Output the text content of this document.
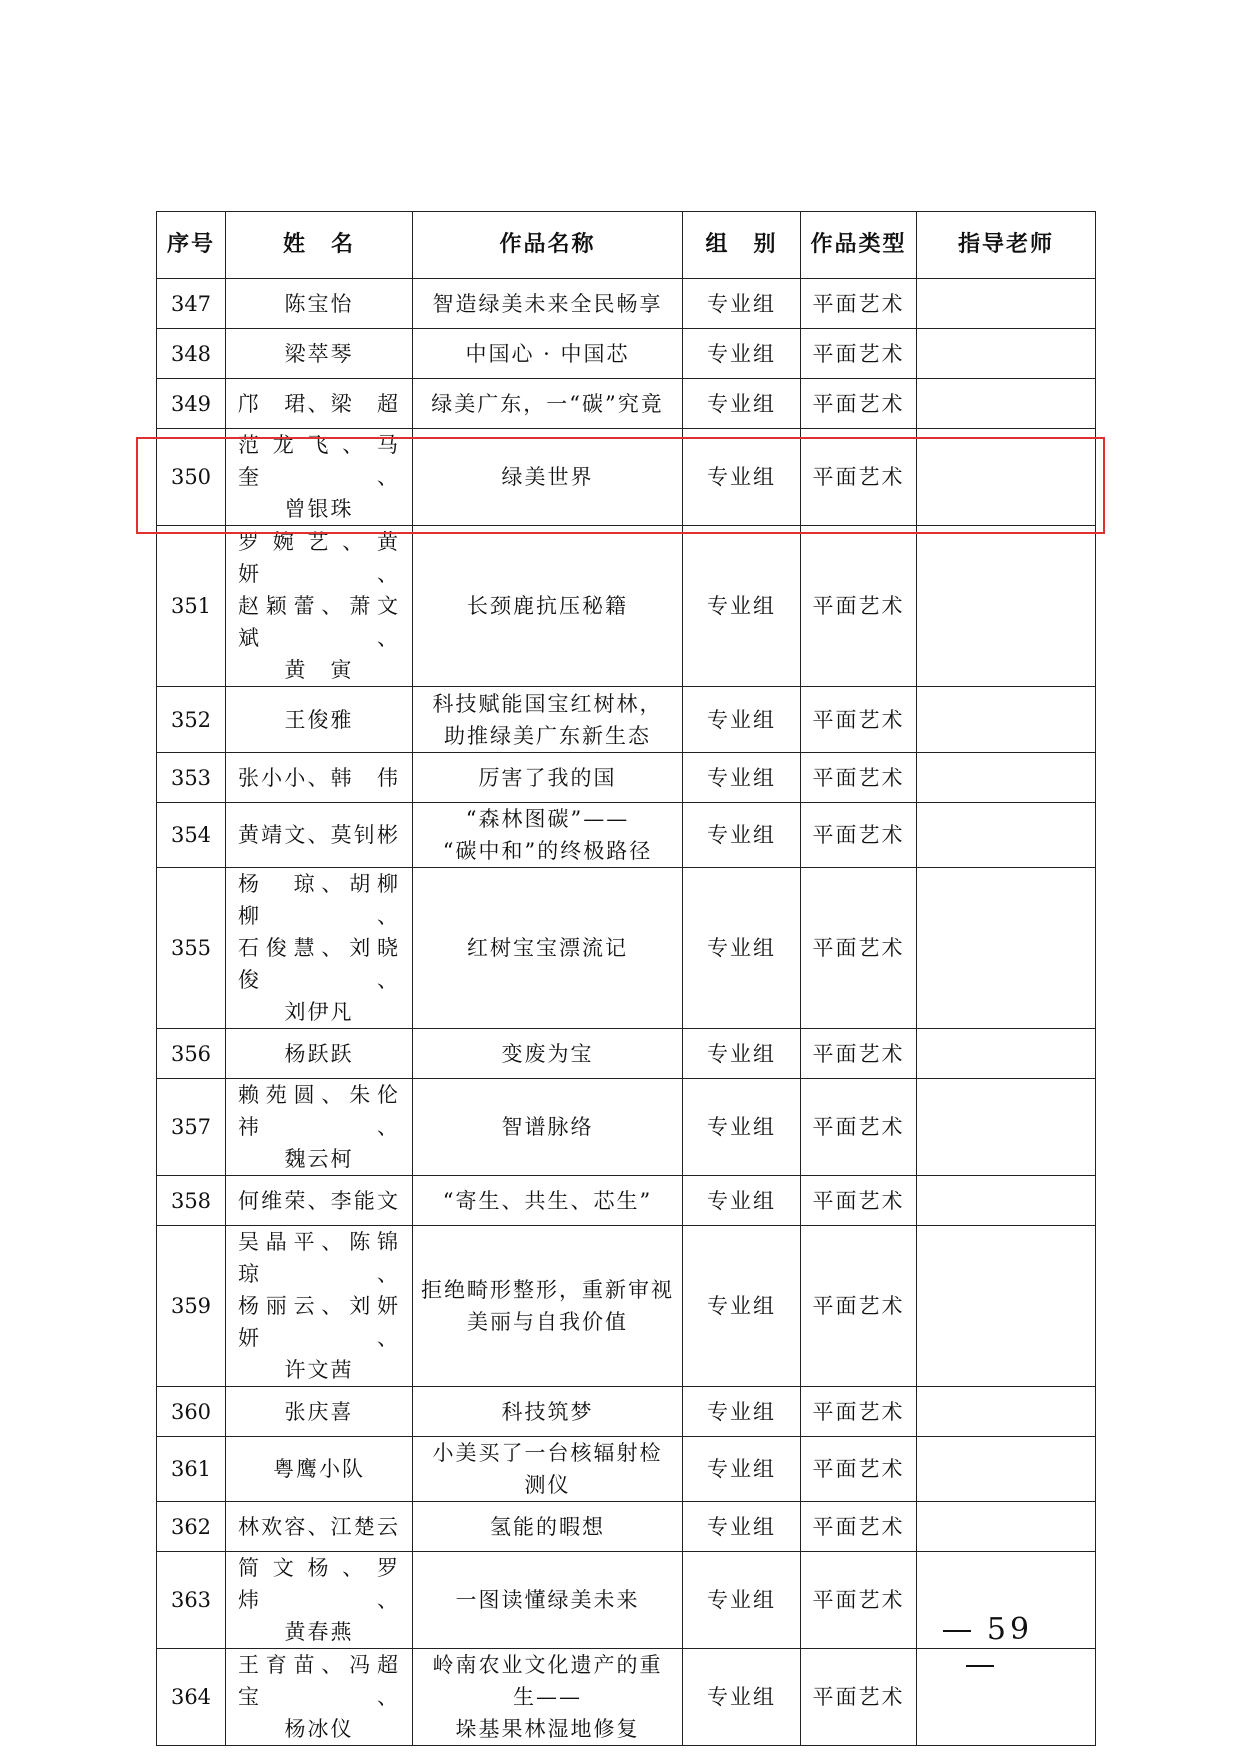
序号	姓　名	作品名称	组　别	作品类型	指导老师
347	陈宝怡	智造绿美未来全民畅享	专业组	平面艺术	
348	梁萃琴	中国心 · 中国芯	专业组	平面艺术	
349	邝　珺、梁　超	绿美广东，一“碳”究竟	专业组	平面艺术	
350	范龙飞、马　奎、
曾银珠	绿美世界	专业组	平面艺术	
351	罗婉艺、黄　妍、
赵颖蕾、萧文斌、
黄　寅	长颈鹿抗压秘籍	专业组	平面艺术	
352	王俊雅	科技赋能国宝红树林，
助推绿美广东新生态	专业组	平面艺术	
353	张小小、韩　伟	厉害了我的国	专业组	平面艺术	
354	黄靖文、莫钊彬	“森林图碳”——
“碳中和”的终极路径	专业组	平面艺术	
355	杨　琼、胡柳柳、
石俊慧、刘晓俊、
刘伊凡	红树宝宝漂流记	专业组	平面艺术	
356	杨跃跃	变废为宝	专业组	平面艺术	
357	赖苑圆、朱伦祎、
魏云柯	智谱脉络	专业组	平面艺术	
358	何维荣、李能文	“寄生、共生、芯生”	专业组	平面艺术	
359	吴晶平、陈锦琼、
杨丽云、刘妍妍、
许文茜	拒绝畸形整形，重新审视
美丽与自我价值	专业组	平面艺术	
360	张庆喜	科技筑梦	专业组	平面艺术	
361	粤鹰小队	小美买了一台核辐射检
测仪	专业组	平面艺术	
362	林欢容、江楚云	氢能的暇想	专业组	平面艺术	
363	简文杨、罗　炜、
黄春燕	一图读懂绿美未来	专业组	平面艺术	
364	王育苗、冯超宝、
杨冰仪	岭南农业文化遗产的重
生——
垛基果林湿地修复	专业组	平面艺术	
59
